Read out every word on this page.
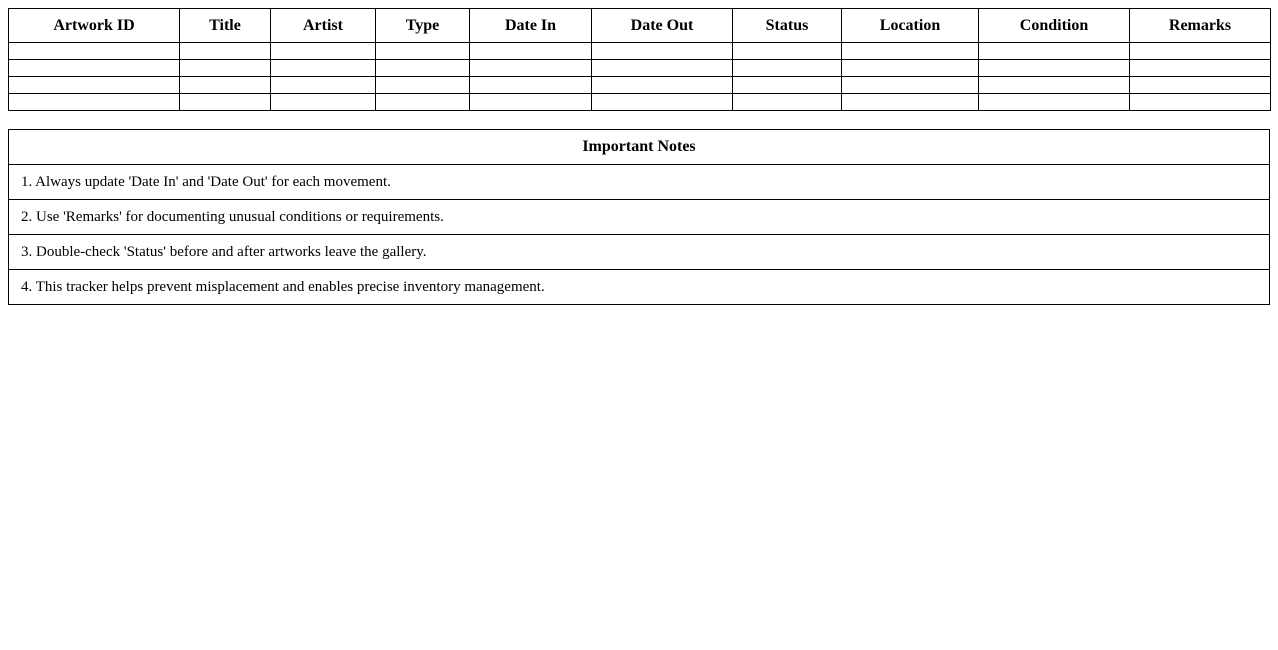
Artwork ID	Title	Artist	Type	Date In	Date Out	Status	Location	Condition	Remarks

Important Notes
1. Always update 'Date In' and 'Date Out' for each movement.
2. Use 'Remarks' for documenting unusual conditions or requirements.
3. Double-check 'Status' before and after artworks leave the gallery.
4. This tracker helps prevent misplacement and enables precise inventory management.
